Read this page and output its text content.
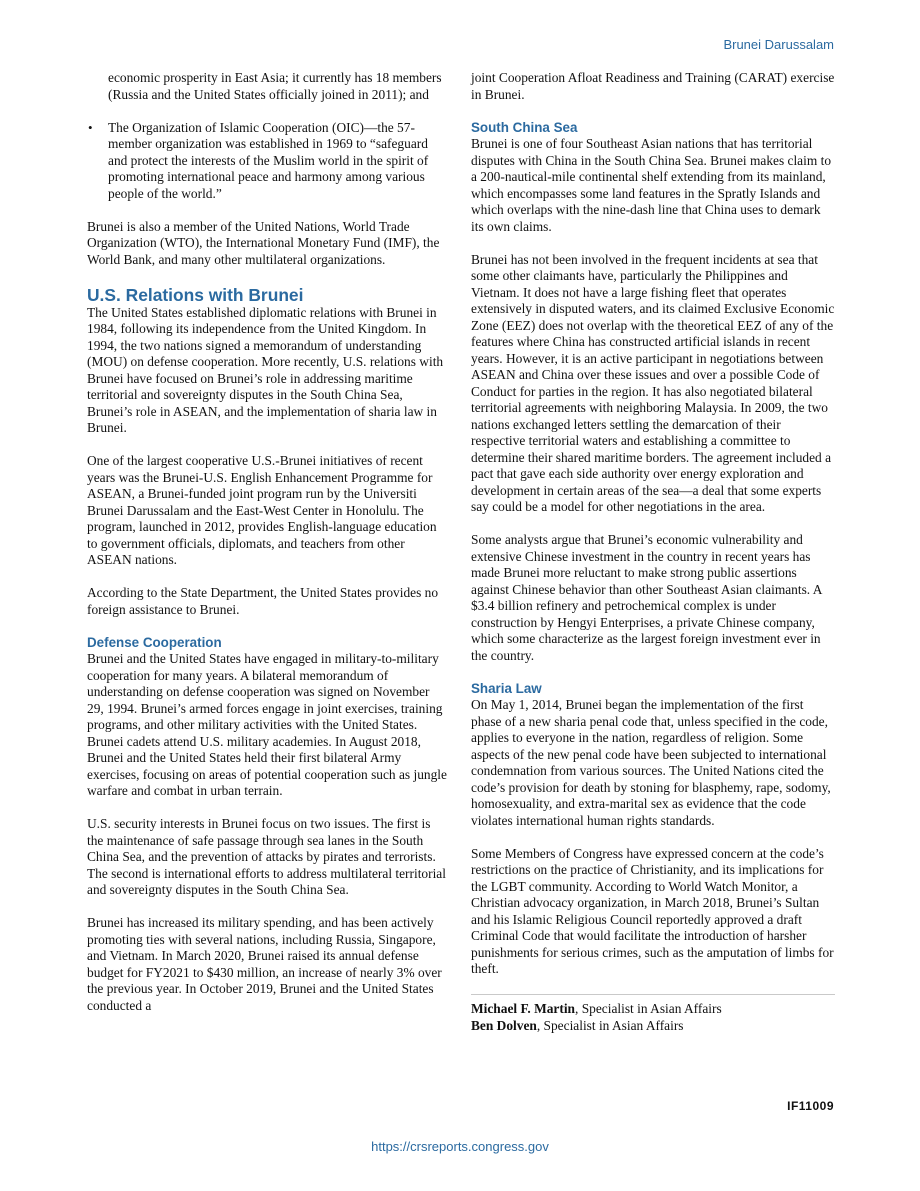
Brunei Darussalam
economic prosperity in East Asia; it currently has 18 members (Russia and the United States officially joined in 2011); and
• The Organization of Islamic Cooperation (OIC)—the 57-member organization was established in 1969 to “safeguard and protect the interests of the Muslim world in the spirit of promoting international peace and harmony among various people of the world.”

Brunei is also a member of the United Nations, World Trade Organization (WTO), the International Monetary Fund (IMF), the World Bank, and many other multilateral organizations.

U.S. Relations with Brunei

The United States established diplomatic relations with Brunei in 1984, following its independence from the United Kingdom. In 1994, the two nations signed a memorandum of understanding (MOU) on defense cooperation. More recently, U.S. relations with Brunei have focused on Brunei’s role in addressing maritime territorial and sovereignty disputes in the South China Sea, Brunei’s role in ASEAN, and the implementation of sharia law in Brunei.

One of the largest cooperative U.S.-Brunei initiatives of recent years was the Brunei-U.S. English Enhancement Programme for ASEAN, a Brunei-funded joint program run by the Universiti Brunei Darussalam and the East-West Center in Honolulu. The program, launched in 2012, provides English-language education to government officials, diplomats, and teachers from other ASEAN nations.

According to the State Department, the United States provides no foreign assistance to Brunei.

Defense Cooperation

Brunei and the United States have engaged in military-to-military cooperation for many years. A bilateral memorandum of understanding on defense cooperation was signed on November 29, 1994. Brunei’s armed forces engage in joint exercises, training programs, and other military activities with the United States. Brunei cadets attend U.S. military academies. In August 2018, Brunei and the United States held their first bilateral Army exercises, focusing on areas of potential cooperation such as jungle warfare and combat in urban terrain.

U.S. security interests in Brunei focus on two issues. The first is the maintenance of safe passage through sea lanes in the South China Sea, and the prevention of attacks by pirates and terrorists. The second is international efforts to address multilateral territorial and sovereignty disputes in the South China Sea.

Brunei has increased its military spending, and has been actively promoting ties with several nations, including Russia, Singapore, and Vietnam. In March 2020, Brunei raised its annual defense budget for FY2021 to $430 million, an increase of nearly 3% over the previous year. In October 2019, Brunei and the United States conducted a

joint Cooperation Afloat Readiness and Training (CARAT) exercise in Brunei.

South China Sea

Brunei is one of four Southeast Asian nations that has territorial disputes with China in the South China Sea. Brunei makes claim to a 200-nautical-mile continental shelf extending from its mainland, which encompasses some land features in the Spratly Islands and which overlaps with the nine-dash line that China uses to demark its own claims.

Brunei has not been involved in the frequent incidents at sea that some other claimants have, particularly the Philippines and Vietnam. It does not have a large fishing fleet that operates extensively in disputed waters, and its claimed Exclusive Economic Zone (EEZ) does not overlap with the theoretical EEZ of any of the features where China has constructed artificial islands in recent years. However, it is an active participant in negotiations between ASEAN and China over these issues and over a possible Code of Conduct for parties in the region. It has also negotiated bilateral territorial agreements with neighboring Malaysia. In 2009, the two nations exchanged letters settling the demarcation of their respective territorial waters and establishing a committee to determine their shared maritime borders. The agreement included a pact that gave each side authority over energy exploration and development in certain areas of the sea—a deal that some experts say could be a model for other negotiations in the area.

Some analysts argue that Brunei’s economic vulnerability and extensive Chinese investment in the country in recent years has made Brunei more reluctant to make strong public assertions against Chinese behavior than other Southeast Asian claimants. A $3.4 billion refinery and petrochemical complex is under construction by Hengyi Enterprises, a private Chinese company, which some characterize as the largest foreign investment ever in the country.

Sharia Law

On May 1, 2014, Brunei began the implementation of the first phase of a new sharia penal code that, unless specified in the code, applies to everyone in the nation, regardless of religion. Some aspects of the new penal code have been subjected to international condemnation from various sources. The United Nations cited the code’s provision for death by stoning for blasphemy, rape, sodomy, homosexuality, and extra-marital sex as evidence that the code violates international human rights standards.

Some Members of Congress have expressed concern at the code’s restrictions on the practice of Christianity, and its implications for the LGBT community. According to World Watch Monitor, a Christian advocacy organization, in March 2018, Brunei’s Sultan and his Islamic Religious Council reportedly approved a draft Criminal Code that would facilitate the introduction of harsher punishments for serious crimes, such as the amputation of limbs for theft.

Michael F. Martin, Specialist in Asian Affairs
Ben Dolven, Specialist in Asian Affairs
IF11009
https://crsreports.congress.gov
